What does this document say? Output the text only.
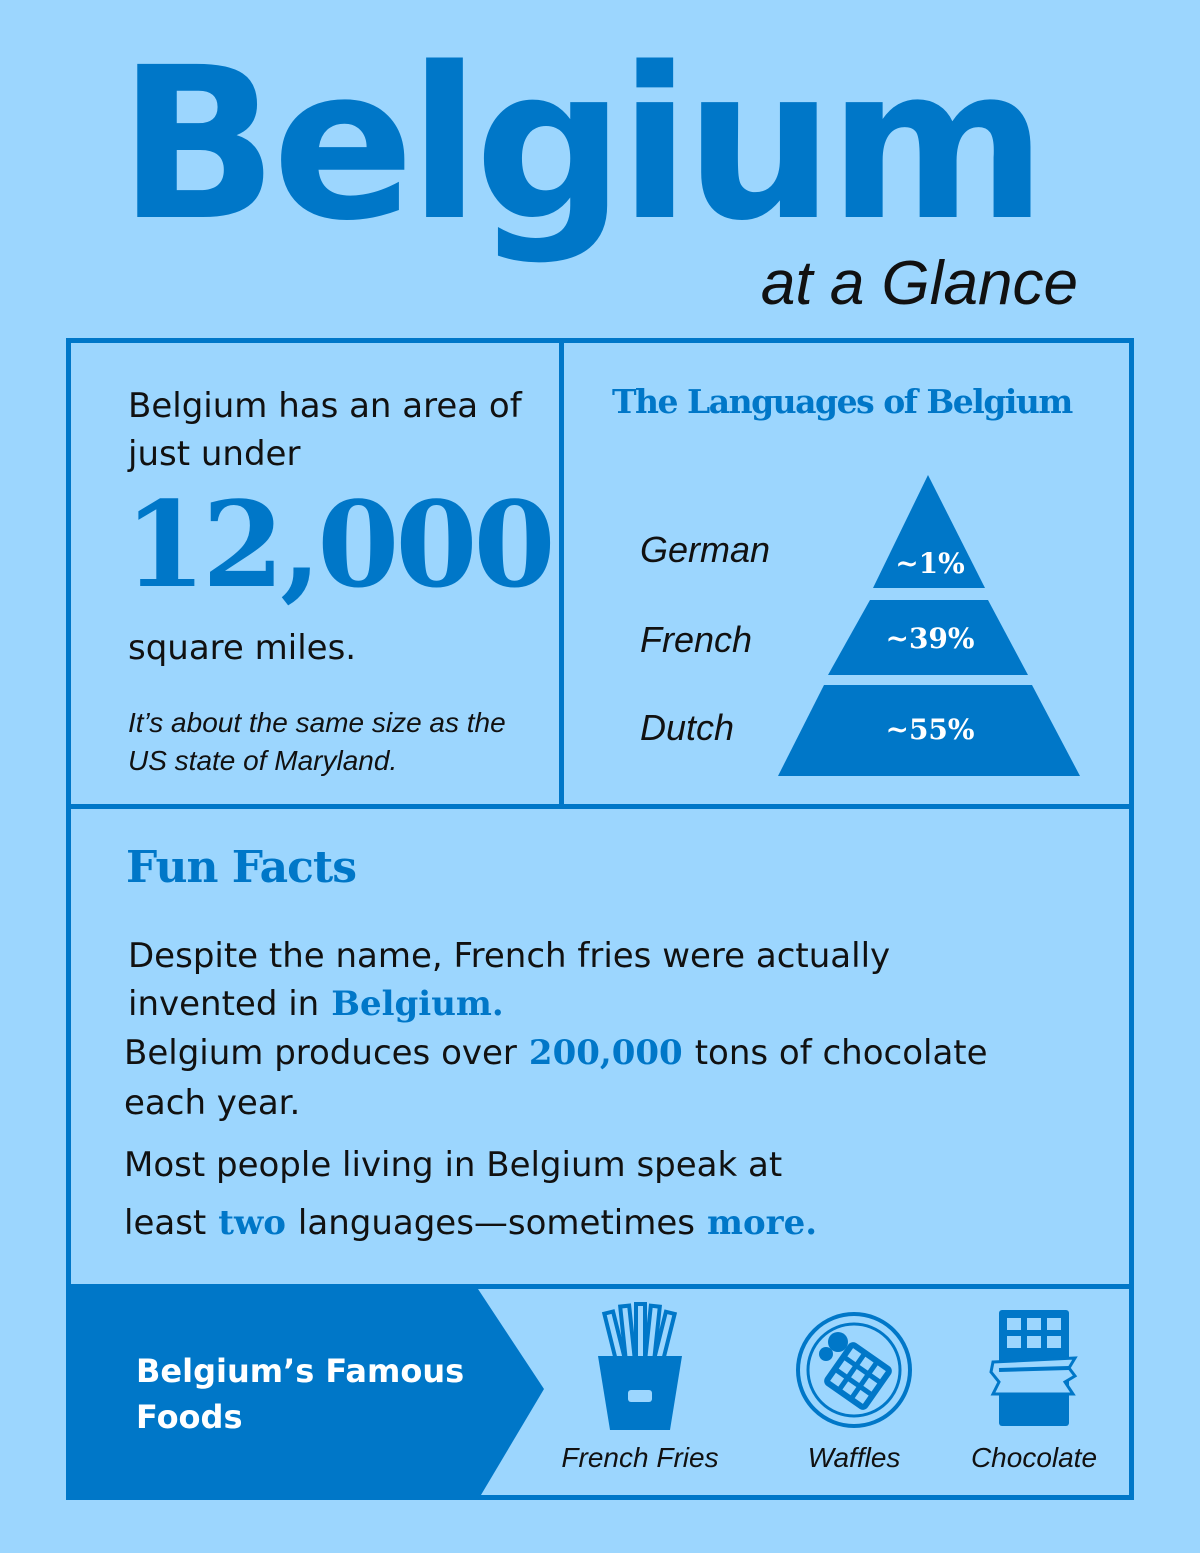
Belgium
at a Glance
Belgium has an area of just under
12,000
square miles.
It’s about the same size as the US state of Maryland.
The Languages of Belgium
German
French
Dutch
~1%
~39%
~55%
Fun Facts
Despite the name, French fries were actually invented in Belgium.
Belgium produces over 200,000 tons of chocolate each year.
Most people living in Belgium speak at least two languages—sometimes more.
Belgium’s Famous Foods
French Fries	Waffles	Chocolate
